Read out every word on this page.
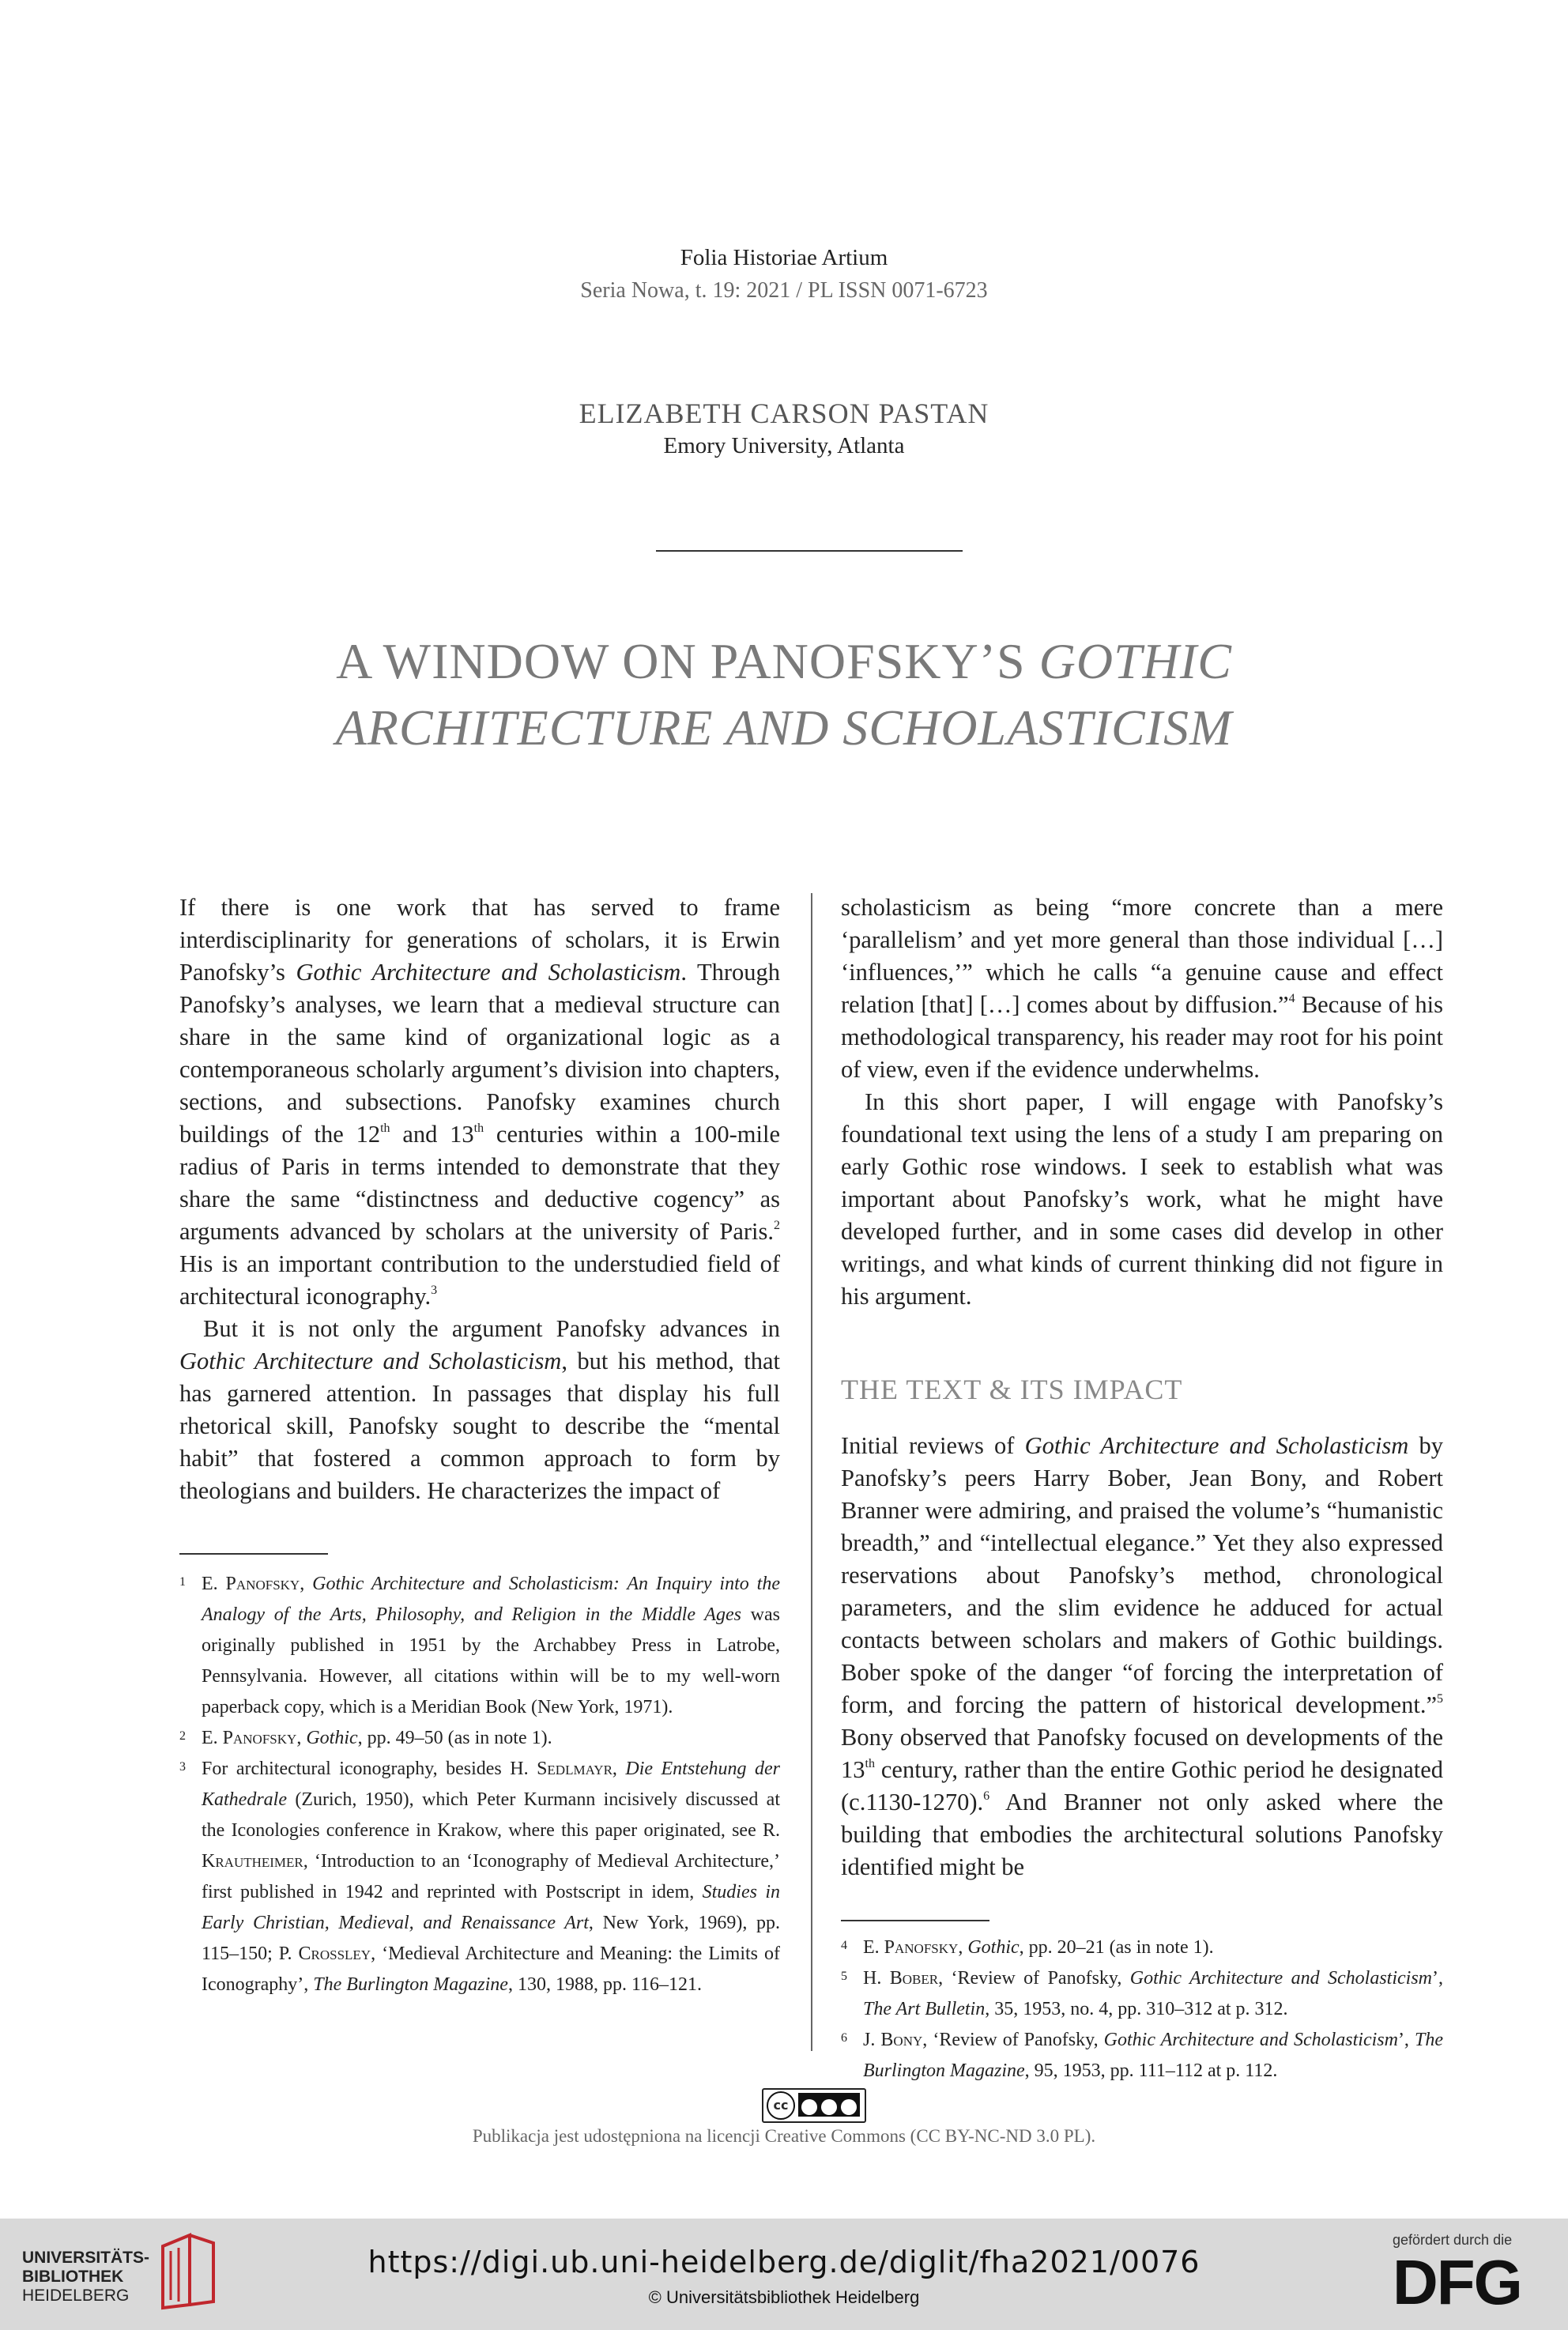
Folia Historiae Artium
Seria Nowa, t. 19: 2021 / PL ISSN 0071-6723
ELIZABETH CARSON PASTAN
Emory University, Atlanta
A WINDOW ON PANOFSKY’S GOTHIC
ARCHITECTURE AND SCHOLASTICISM

If there is one work that has served to frame interdisciplinarity for generations of scholars, it is Erwin Panofsky’s Gothic Architecture and Scholasticism. Through Panofsky’s analyses, we learn that a medieval structure can share in the same kind of organizational logic as a contemporaneous scholarly argument’s division into chapters, sections, and subsections. Panofsky examines church buildings of the 12th and 13th centuries within a 100-mile radius of Paris in terms intended to demonstrate that they share the same “distinctness and deductive cogency” as arguments advanced by scholars at the university of Paris.$^2$ His is an important contribution to the understudied field of architectural iconography.$^3$

But it is not only the argument Panofsky advances in Gothic Architecture and Scholasticism, but his method, that has garnered attention. In passages that display his full rhetorical skill, Panofsky sought to describe the “mental habit” that fostered a common approach to form by theologians and builders. He characterizes the impact of

1 E. Panofsky, Gothic Architecture and Scholasticism: An Inquiry into the Analogy of the Arts, Philosophy, and Religion in the Middle Ages was originally published in 1951 by the Archabbey Press in Latrobe, Pennsylvania. However, all citations within will be to my well-worn paperback copy, which is a Meridian Book (New York, 1971).

2 E. Panofsky, Gothic, pp. 49–50 (as in note 1).

3 For architectural iconography, besides H. Sedlmayr, Die Entstehung der Kathedrale (Zurich, 1950), which Peter Kurmann incisively discussed at the Iconologies conference in Krakow, where this paper originated, see R. Krautheimer, ‘Introduction to an ‘Iconography of Medieval Architecture,’ first published in 1942 and reprinted with Postscript in idem, Studies in Early Christian, Medieval, and Renaissance Art, New York, 1969), pp. 115–150; P. Crossley, ‘Medieval Architecture and Meaning: the Limits of Iconography’, The Burlington Magazine, 130, 1988, pp. 116–121.

scholasticism as being “more concrete than a mere ‘parallelism’ and yet more general than those individual […] ‘influences,’” which he calls “a genuine cause and effect relation [that] […] comes about by diffusion.”$^4$ Because of his methodological transparency, his reader may root for his point of view, even if the evidence underwhelms.

In this short paper, I will engage with Panofsky’s foundational text using the lens of a study I am preparing on early Gothic rose windows. I seek to establish what was important about Panofsky’s work, what he might have developed further, and in some cases did develop in other writings, and what kinds of current thinking did not figure in his argument.

THE TEXT & ITS IMPACT

Initial reviews of Gothic Architecture and Scholasticism by Panofsky’s peers Harry Bober, Jean Bony, and Robert Branner were admiring, and praised the volume’s “humanistic breadth,” and “intellectual elegance.” Yet they also expressed reservations about Panofsky’s method, chronological parameters, and the slim evidence he adduced for actual contacts between scholars and makers of Gothic buildings. Bober spoke of the danger “of forcing the interpretation of form, and forcing the pattern of historical development.”$^5$ Bony observed that Panofsky focused on developments of the 13th century, rather than the entire Gothic period he designated (c.1130-1270).$^6$ And Branner not only asked where the building that embodies the architectural solutions Panofsky identified might be

4 E. Panofsky, Gothic, pp. 20–21 (as in note 1).

5 H. Bober, ‘Review of Panofsky, Gothic Architecture and Scholasticism’, The Art Bulletin, 35, 1953, no. 4, pp. 310–312 at p. 312.

6 J. Bony, ‘Review of Panofsky, Gothic Architecture and Scholasticism’, The Burlington Magazine, 95, 1953, pp. 111–112 at p. 112.

cc
Publikacja jest udostępniona na licencji Creative Commons (CC BY-NC-ND 3.0 PL).
UNIVERSITÄTS-
BIBLIOTHEK
HEIDELBERG
https://digi.ub.uni-heidelberg.de/diglit/fha2021/0076
© Universitätsbibliothek Heidelberg
gefördert durch die
DFG
